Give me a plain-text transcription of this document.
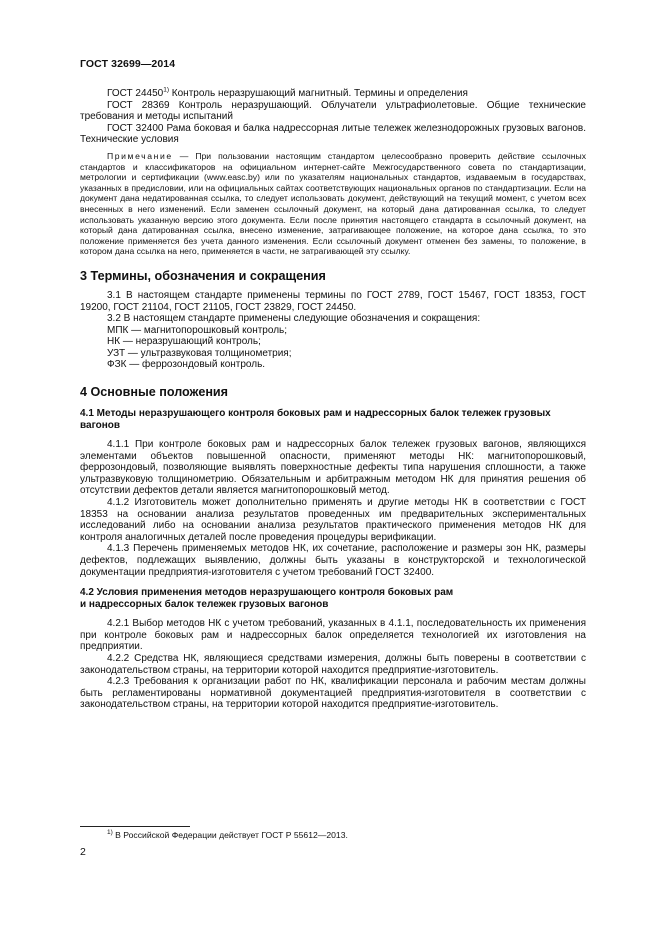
ГОСТ 32699—2014

ГОСТ 24450$^{1)}$ Контроль неразрушающий магнитный. Термины и определения

ГОСТ 28369 Контроль неразрушающий. Облучатели ультрафиолетовые. Общие технические требования и методы испытаний

ГОСТ 32400 Рама боковая и балка надрессорная литые тележек железнодорожных грузовых вагонов. Технические условия

Примечание — При пользовании настоящим стандартом целесообразно проверить действие ссылочных стандартов и классификаторов на официальном интернет-сайте Межгосударственного совета по стандартизации, метрологии и сертификации (www.easc.by) или по указателям национальных стандартов, издаваемым в государствах, указанных в предисловии, или на официальных сайтах соответствующих национальных органов по стандартизации. Если на документ дана недатированная ссылка, то следует использовать документ, действующий на текущий момент, с учетом всех внесенных в него изменений. Если заменен ссылочный документ, на который дана датированная ссылка, то следует использовать указанную версию этого документа. Если после принятия настоящего стандарта в ссылочный документ, на который дана датированная ссылка, внесено изменение, затрагивающее положение, на которое дана ссылка, то это положение применяется без учета данного изменения. Если ссылочный документ отменен без замены, то положение, в котором дана ссылка на него, применяется в части, не затрагивающей эту ссылку.

3 Термины, обозначения и сокращения

3.1 В настоящем стандарте применены термины по ГОСТ 2789, ГОСТ 15467, ГОСТ 18353, ГОСТ 19200, ГОСТ 21104, ГОСТ 21105, ГОСТ 23829, ГОСТ 24450.

3.2 В настоящем стандарте применены следующие обозначения и сокращения:

МПК — магнитопорошковый контроль;

НК — неразрушающий контроль;

УЗТ — ультразвуковая толщинометрия;

ФЗК — феррозондовый контроль.

4 Основные положения
4.1 Методы неразрушающего контроля боковых рам и надрессорных балок тележек грузовых вагонов

4.1.1 При контроле боковых рам и надрессорных балок тележек грузовых вагонов, являющихся элементами объектов повышенной опасности, применяют методы НК: магнитопорошковый, феррозондовый, позволяющие выявлять поверхностные дефекты типа нарушения сплошности, а также ультразвуковую толщинометрию. Обязательным и арбитражным методом НК для принятия решения об отсутствии дефектов детали является магнитопорошковый метод.

4.1.2 Изготовитель может дополнительно применять и другие методы НК в соответствии с ГОСТ 18353 на основании анализа результатов проведенных им предварительных экспериментальных исследований либо на основании анализа результатов практического применения методов НК для контроля аналогичных деталей после проведения процедуры верификации.

4.1.3 Перечень применяемых методов НК, их сочетание, расположение и размеры зон НК, размеры дефектов, подлежащих выявлению, должны быть указаны в конструкторской и технологической документации предприятия-изготовителя с учетом требований ГОСТ 32400.

4.2 Условия применения методов неразрушающего контроля боковых рам
и надрессорных балок тележек грузовых вагонов

4.2.1 Выбор методов НК с учетом требований, указанных в 4.1.1, последовательность их применения при контроле боковых рам и надрессорных балок определяется технологией их изготовления на предприятии.

4.2.2 Средства НК, являющиеся средствами измерения, должны быть поверены в соответствии с законодательством страны, на территории которой находится предприятие-изготовитель.

4.2.3 Требования к организации работ по НК, квалификации персонала и рабочим местам должны быть регламентированы нормативной документацией предприятия-изготовителя в соответствии с законодательством страны, на территории которой находится предприятие-изготовитель.

$^{1)}$ В Российской Федерации действует ГОСТ Р 55612—2013.
2
